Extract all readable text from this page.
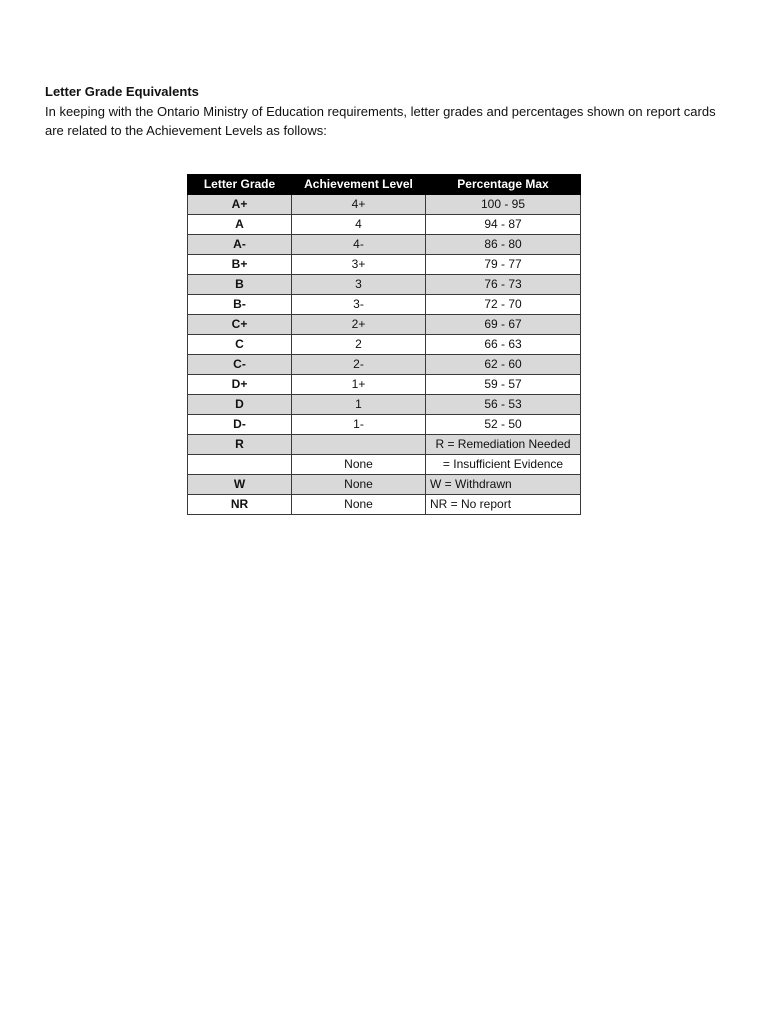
Letter Grade Equivalents

In keeping with the Ontario Ministry of Education requirements, letter grades and percentages shown on report cards are related to the Achievement Levels as follows:

Letter Grade	Achievement Level	Percentage Max
A+	4+	100 - 95
A	4	94 - 87
A-	4-	86 - 80
B+	3+	79 - 77
B	3	76 - 73
B-	3-	72 - 70
C+	2+	69 - 67
C	2	66 - 63
C-	2-	62 - 60
D+	1+	59 - 57
D	1	56 - 53
D-	1-	52 - 50
R		R = Remediation Needed
	None	= Insufficient Evidence
W	None	W = Withdrawn
NR	None	NR = No report
